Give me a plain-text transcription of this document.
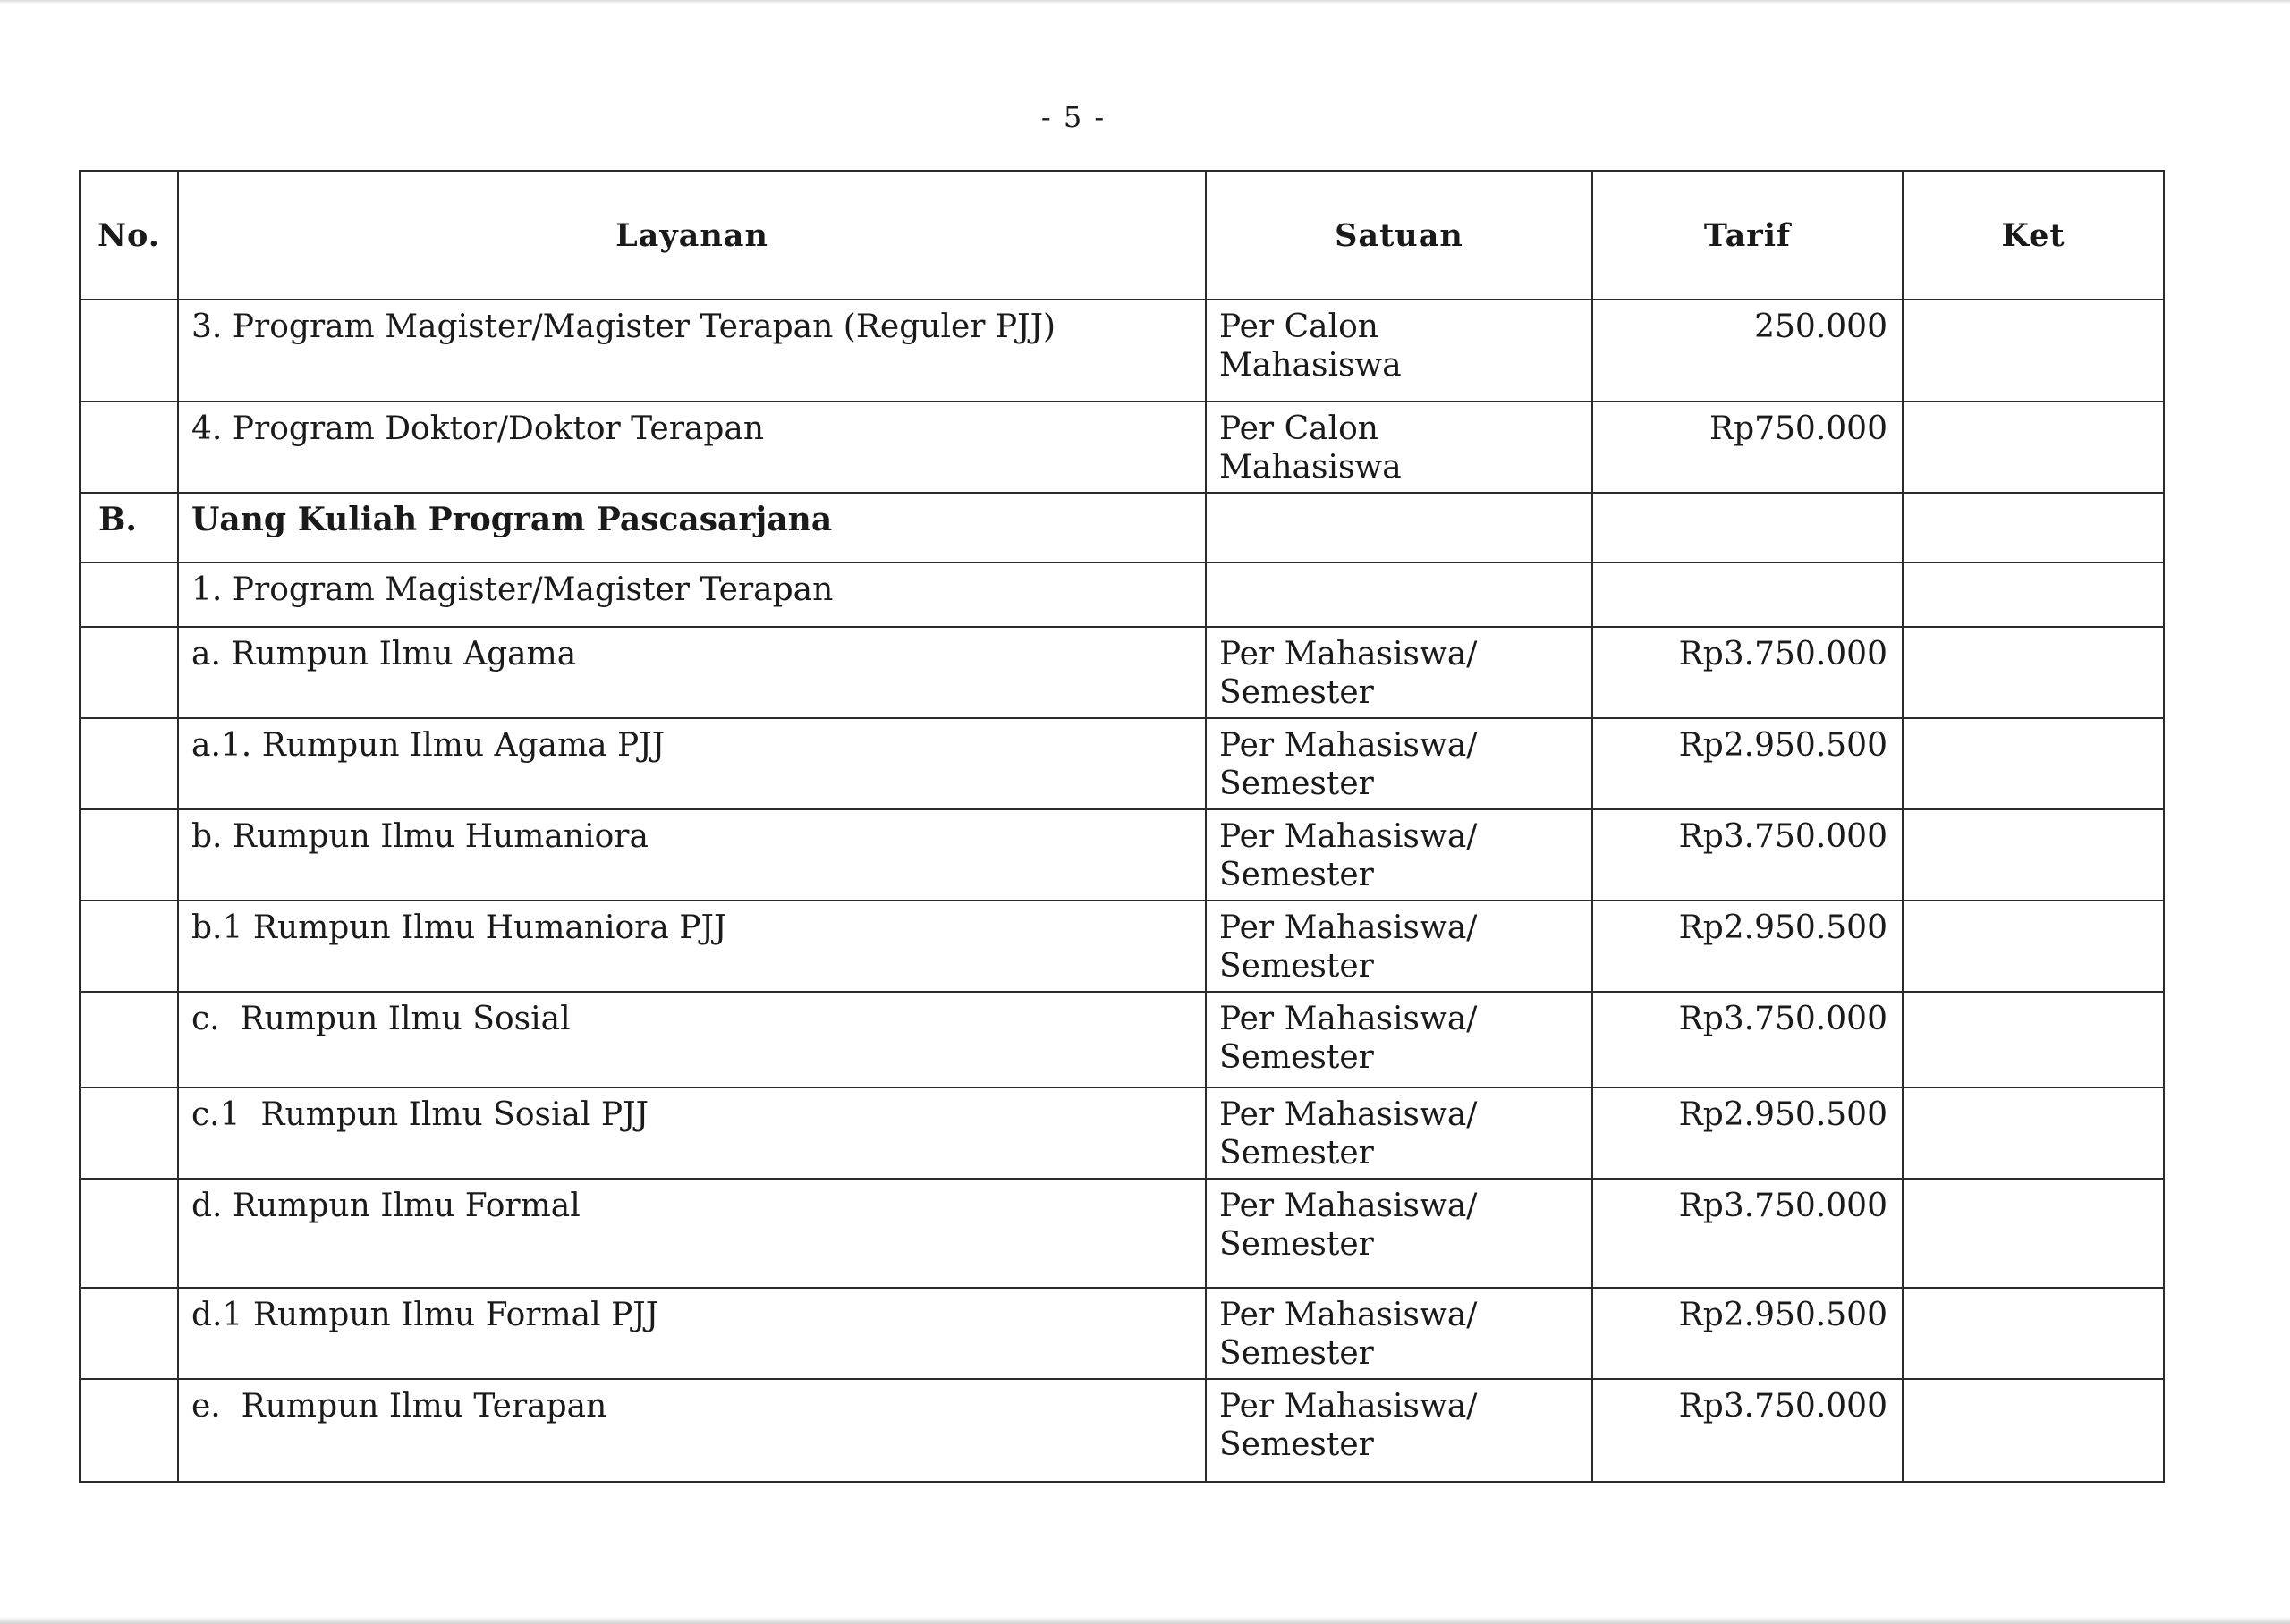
- 5 -
No.	Layanan	Satuan	Tarif	Ket

	3. Program Magister/Magister Terapan (Reguler PJJ)	Per Calon
Mahasiswa	250.000	

	4. Program Doktor/Doktor Terapan	Per Calon
Mahasiswa	Rp750.000	

B.	Uang Kuliah Program Pascasarjana			

	1. Program Magister/Magister Terapan			

	a. Rumpun Ilmu Agama	Per Mahasiswa/
Semester	Rp3.750.000	

	a.1. Rumpun Ilmu Agama PJJ	Per Mahasiswa/
Semester	Rp2.950.500	

	b. Rumpun Ilmu Humaniora	Per Mahasiswa/
Semester	Rp3.750.000	

	b.1 Rumpun Ilmu Humaniora PJJ	Per Mahasiswa/
Semester	Rp2.950.500	

	c.  Rumpun Ilmu Sosial	Per Mahasiswa/
Semester	Rp3.750.000	

	c.1  Rumpun Ilmu Sosial PJJ	Per Mahasiswa/
Semester	Rp2.950.500	

	d. Rumpun Ilmu Formal	Per Mahasiswa/
Semester	Rp3.750.000	

	d.1 Rumpun Ilmu Formal PJJ	Per Mahasiswa/
Semester	Rp2.950.500	

	e.  Rumpun Ilmu Terapan	Per Mahasiswa/
Semester	Rp3.750.000	
